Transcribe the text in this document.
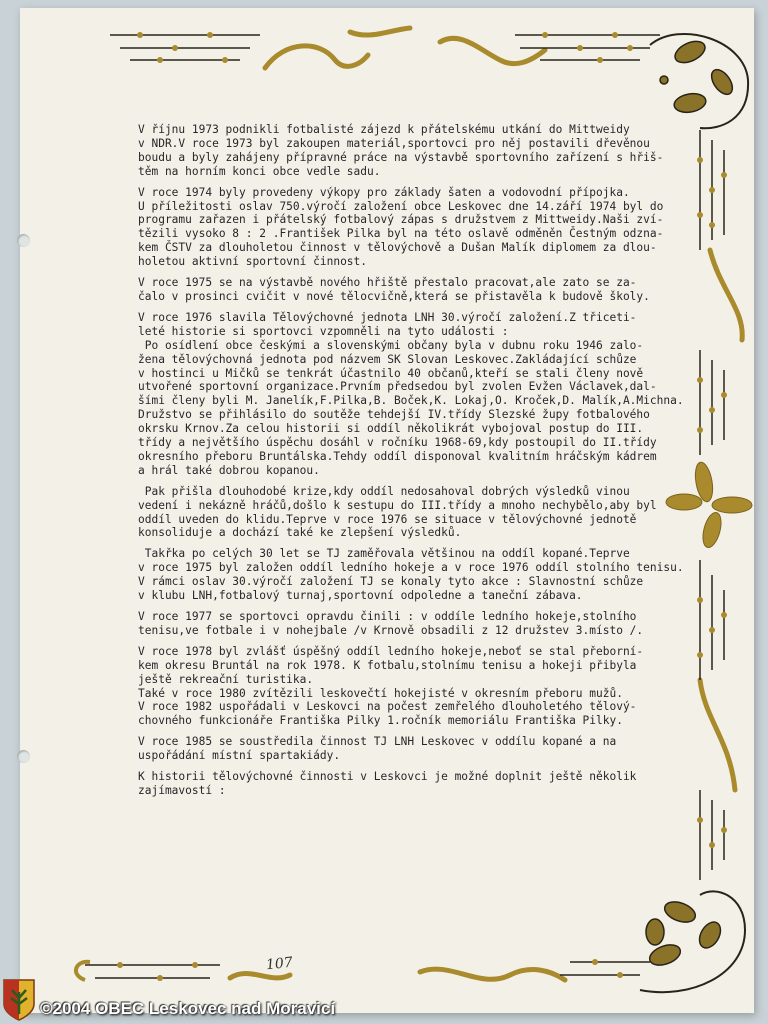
V říjnu 1973 podnikli fotbalisté zájezd k přátelskému utkání do Mittweidy
v NDR.V roce 1973 byl zakoupen materiál,sportovci pro něj postavili dřevěnou
boudu a byly zahájeny přípravné práce na výstavbě sportovního zařízení s hřiš-
těm na horním konci obce vedle sadu.

V roce 1974 byly provedeny výkopy pro základy šaten a vodovodní přípojka.
U příležitosti oslav 750.výročí založení obce Leskovec dne 14.září 1974 byl do
programu zařazen i přátelský fotbalový zápas s družstvem z Mittweidy.Naši zví-
tězili vysoko 8 : 2 .František Pilka byl na této oslavě odměněn Čestným odzna-
kem ČSTV za dlouholetou činnost v tělovýchově a Dušan Malík diplomem za dlou-
holetou aktivní sportovní činnost.

V roce 1975 se na výstavbě nového hřiště přestalo pracovat,ale zato se za-
čalo v prosinci cvičit v nové tělocvičně,která se přistavěla k budově školy.

V roce 1976 slavila Tělovýchovné jednota LNH 30.výročí založení.Z třiceti-
leté historie si sportovci vzpomněli na tyto události :
Po osídlení obce českými a slovenskými občany byla v dubnu roku 1946 zalo-
žena tělovýchovná jednota pod názvem SK Slovan Leskovec.Zakládající schůze
v hostinci u Mičků se tenkrát účastnilo 40 občanů,kteří se stali členy nově
utvořené sportovní organizace.Prvním předsedou byl zvolen Evžen Václavek,dal-
šími členy byli M. Janelík,F.Pilka,B. Boček,K. Lokaj,O. Kroček,D. Malík,A.Michna.
Družstvo se přihlásilo do soutěže tehdejší IV.třídy Slezské župy fotbalového
okrsku Krnov.Za celou historii si oddíl několikrát vybojoval postup do III.
třídy a největšího úspěchu dosáhl v ročníku 1968-69,kdy postoupil do II.třídy
okresního přeboru Bruntálska.Tehdy oddíl disponoval kvalitním hráčským kádrem
a hrál také dobrou kopanou.

Pak přišla dlouhodobé krize,kdy oddíl nedosahoval dobrých výsledků vinou
vedení i nekázně hráčů,došlo k sestupu do III.třídy a mnoho nechybělo,aby byl
oddíl uveden do klidu.Teprve v roce 1976 se situace v tělovýchovné jednotě
konsoliduje a dochází také ke zlepšení výsledků.

Takřka po celých 30 let se TJ zaměřovala většinou na oddíl kopané.Teprve
v roce 1975 byl založen oddíl ledního hokeje a v roce 1976 oddíl stolního tenisu.
V rámci oslav 30.výročí založení TJ se konaly tyto akce : Slavnostní schůze
v klubu LNH,fotbalový turnaj,sportovní odpoledne a taneční zábava.

V roce 1977 se sportovci opravdu činili : v oddíle ledního hokeje,stolního
tenisu,ve fotbale i v nohejbale /v Krnově obsadili z 12 družstev 3.místo /.

V roce 1978 byl zvlášť úspěšný oddíl ledního hokeje,neboť se stal přeborní-
kem okresu Bruntál na rok 1978. K fotbalu,stolnímu tenisu a hokeji přibyla
ještě rekreační turistika.
Také v roce 1980 zvítězili leskovečtí hokejisté v okresním přeboru mužů.
V roce 1982 uspořádali v Leskovci na počest zemřelého dlouholetého tělový-
chovného funkcionáře Františka Pilky 1.ročník memoriálu Františka Pilky.

V roce 1985 se soustředila činnost TJ LNH Leskovec v oddílu kopané a na
uspořádání místní spartakiády.

K historii tělovýchovné činnosti v Leskovci je možné doplnit ještě několik
zajímavostí :

107
©2004 OBEC Leskovec nad Moravicí
